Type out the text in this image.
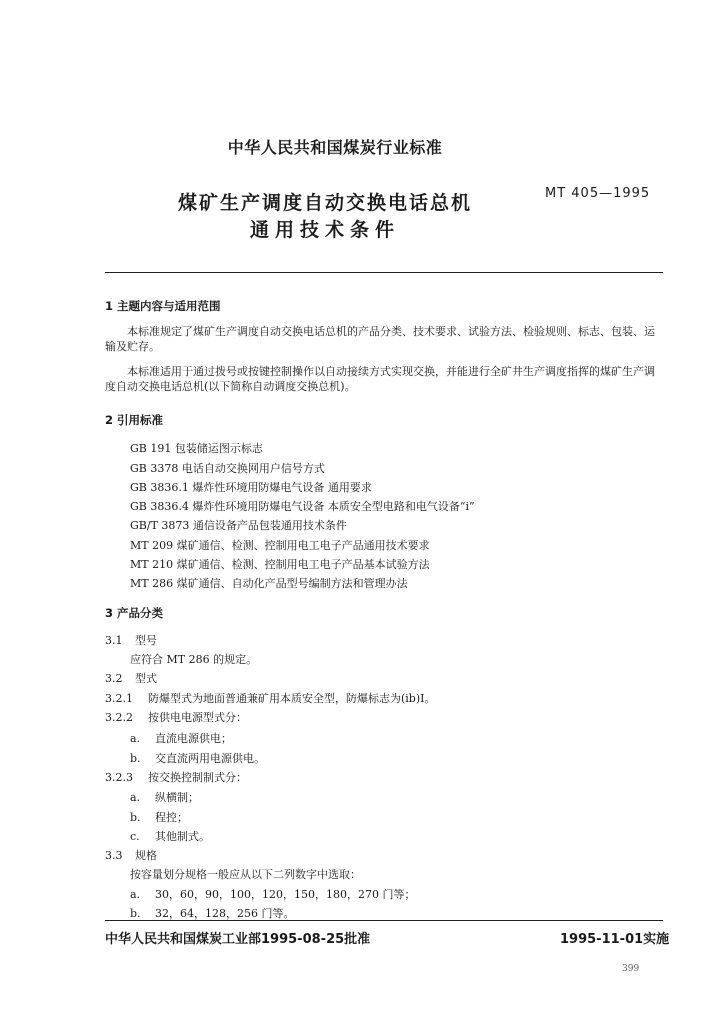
中华人民共和国煤炭行业标准
MT 405—1995
煤矿生产调度自动交换电话总机
通用技术条件
1 主题内容与适用范围
本标准规定了煤矿生产调度自动交换电话总机的产品分类、技术要求、试验方法、检验规则、标志、包装、运输及贮存。
本标准适用于通过拨号或按键控制操作以自动接续方式实现交换，并能进行全矿井生产调度指挥的煤矿生产调度自动交换电话总机(以下简称自动调度交换总机)。
2 引用标准
GB 191 包装储运图示标志
GB 3378 电话自动交换网用户信号方式
GB 3836.1 爆炸性环境用防爆电气设备 通用要求
GB 3836.4 爆炸性环境用防爆电气设备 本质安全型电路和电气设备“i”
GB/T 3873 通信设备产品包装通用技术条件
MT 209 煤矿通信、检测、控制用电工电子产品通用技术要求
MT 210 煤矿通信、检测、控制用电工电子产品基本试验方法
MT 286 煤矿通信、自动化产品型号编制方法和管理办法
3 产品分类
3.1 型号
应符合 MT 286 的规定。
3.2 型式
3.2.1 防爆型式为地面普通兼矿用本质安全型，防爆标志为(ib)I。
3.2.2 按供电电源型式分：
a. 直流电源供电；
b. 交直流两用电源供电。
3.2.3 按交换控制制式分：
a. 纵横制；
b. 程控；
c. 其他制式。
3.3 规格
按容量划分规格一般应从以下二列数字中选取：
a. 30，60，90，100，120，150，180，270 门等；
b. 32，64，128，256 门等。
中华人民共和国煤炭工业部1995-08-25批准	1995-11-01实施
399
